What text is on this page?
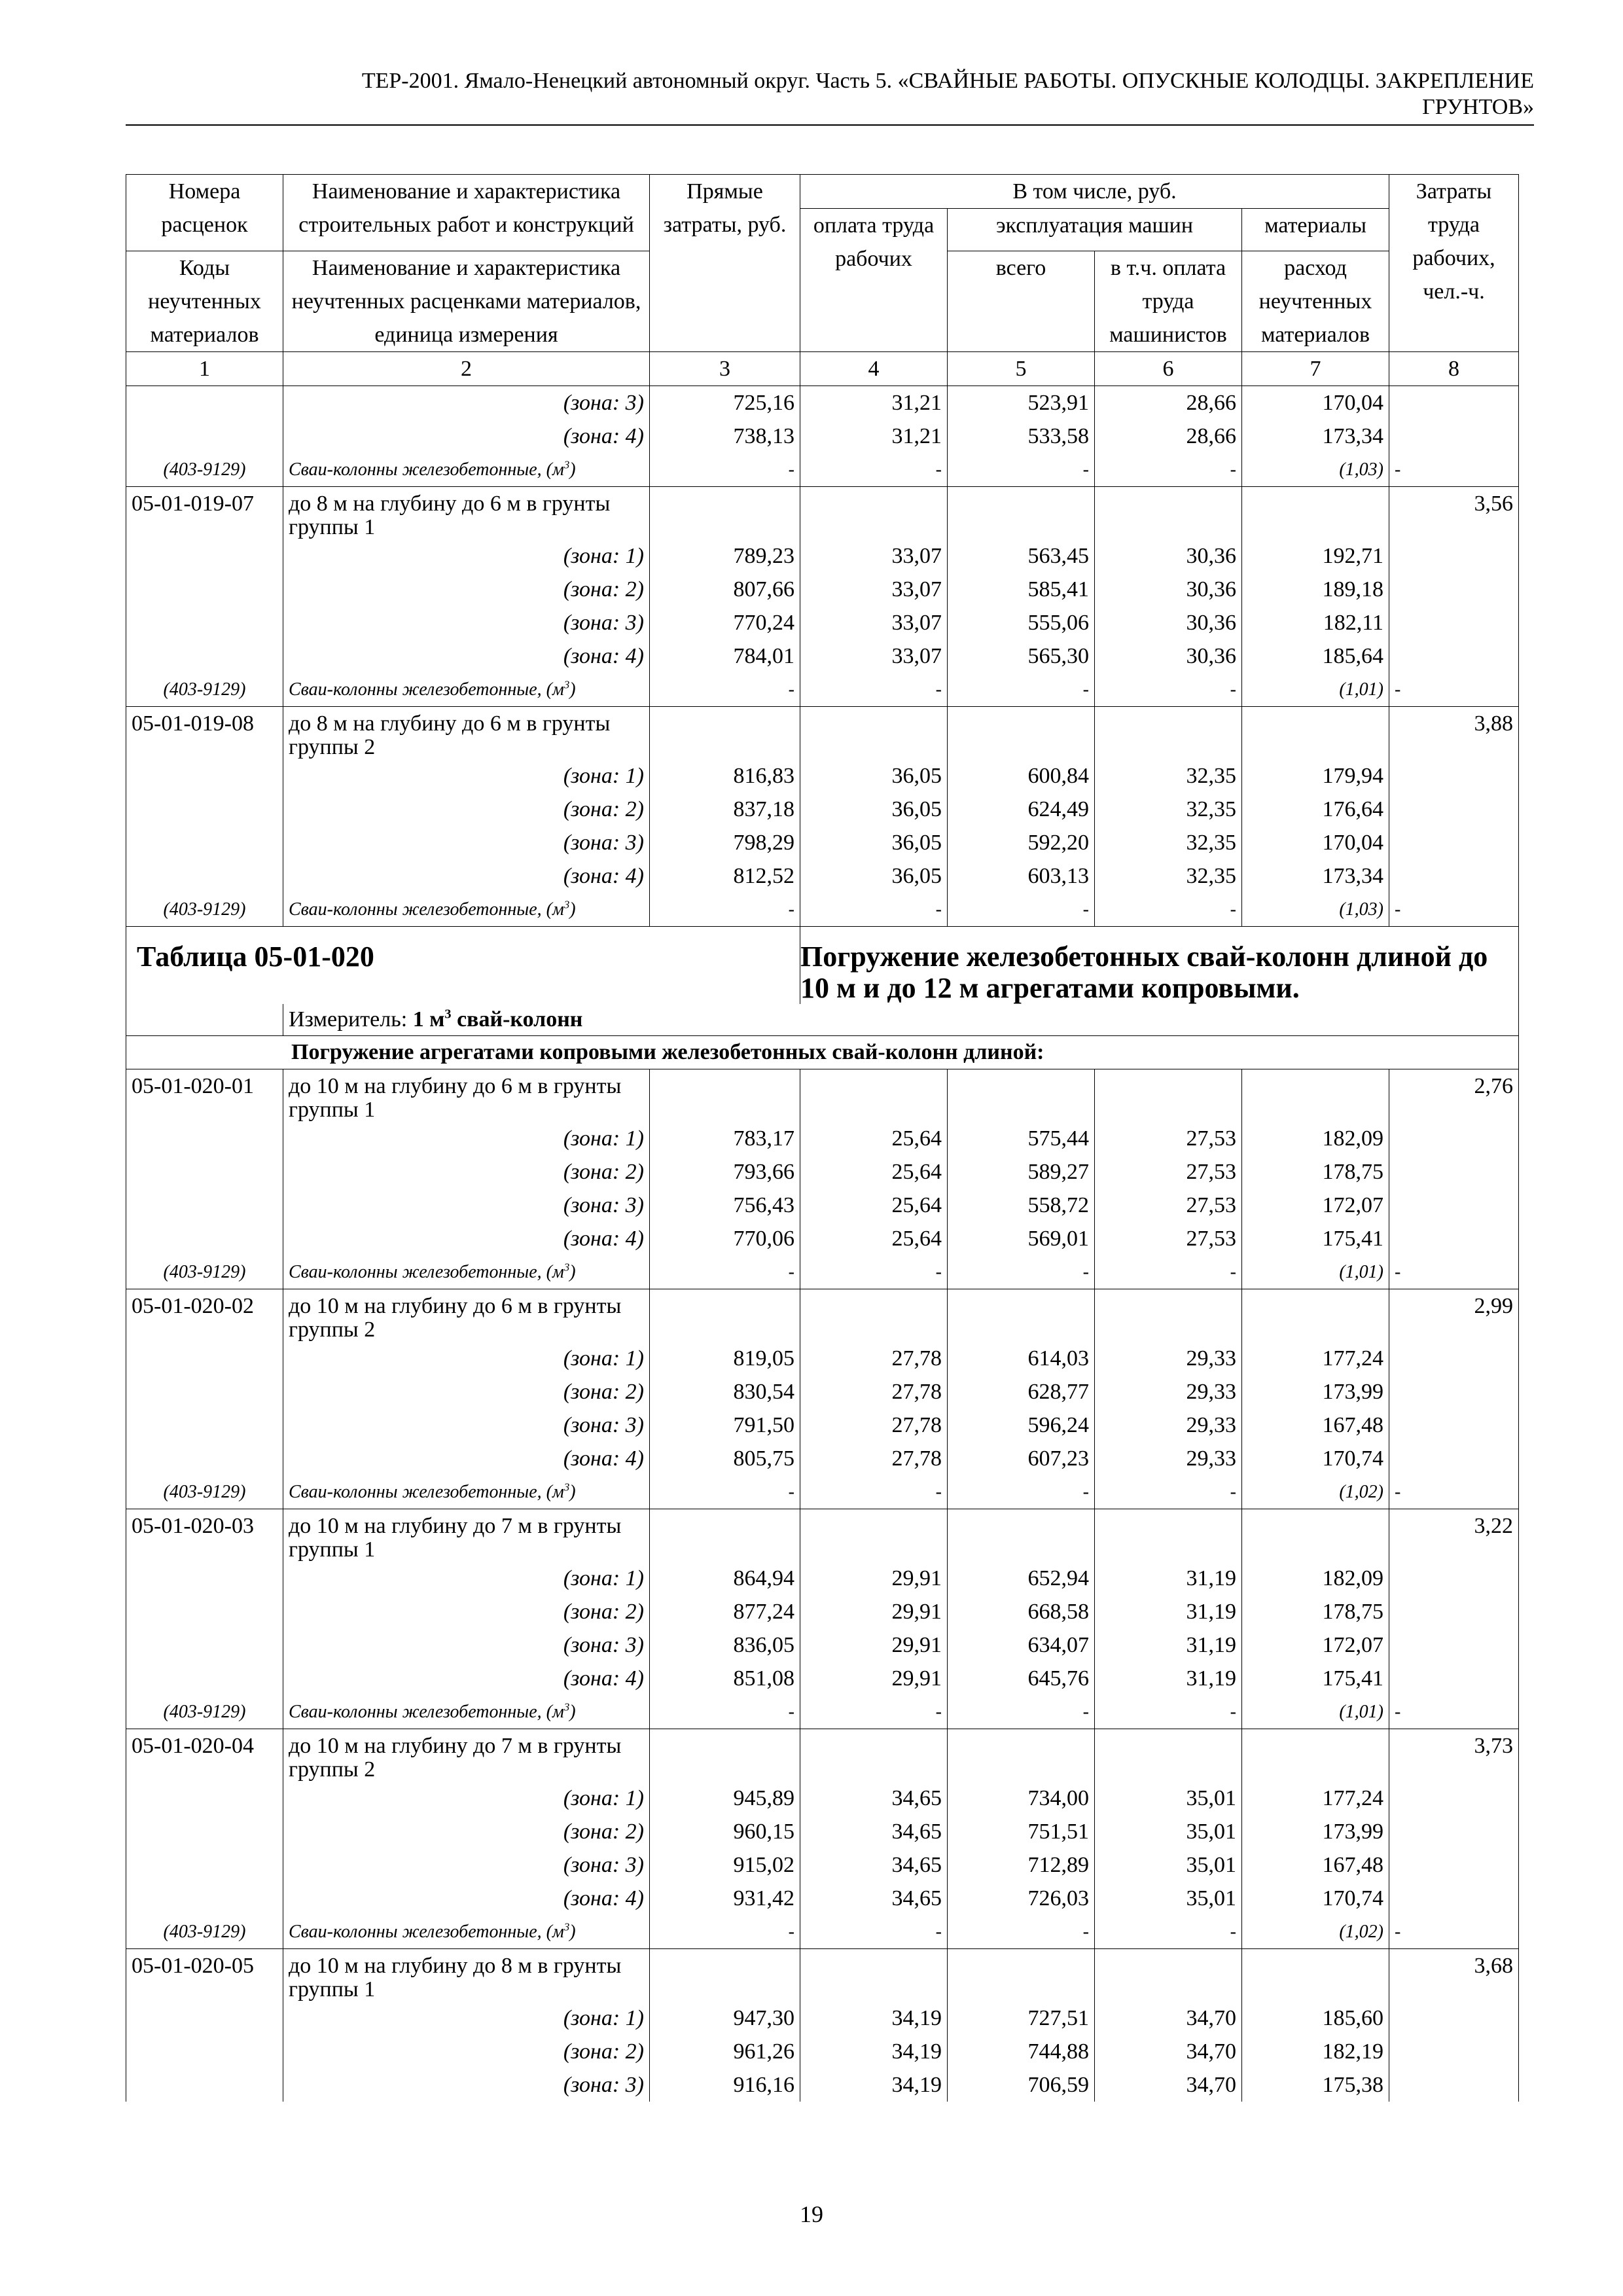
ТЕР-2001. Ямало-Ненецкий автономный округ. Часть 5. «СВАЙНЫЕ РАБОТЫ. ОПУСКНЫЕ КОЛОДЦЫ. ЗАКРЕПЛЕНИЕ
ГРУНТОВ»
Номера расценок	Наименование и характеристика строительных работ и конструкций	Прямые затраты, руб.	В том числе, руб.				Затраты труда рабочих, чел.-ч.
			оплата труда рабочих	эксплуатация машин		материалы	
Коды неучтенных материалов	Наименование и характеристика неучтенных расценками материалов, единица измерения			всего	в т.ч. оплата труда машинистов	расход неучтенных материалов	
1	2	3	4	5	6	7	8
	(зона: 3)	725,16	31,21	523,91	28,66	170,04	
	(зона: 4)	738,13	31,21	533,58	28,66	173,34	
(403-9129)	Сваи-колонны железобетонные, $(м^3)$	-	-	-	-	(1,03)	-
05-01-019-07	до 8 м на глубину до 6 м в грунты группы 1						3,56
	(зона: 1)	789,23	33,07	563,45	30,36	192,71	
	(зона: 2)	807,66	33,07	585,41	30,36	189,18	
	(зона: 3)	770,24	33,07	555,06	30,36	182,11	
	(зона: 4)	784,01	33,07	565,30	30,36	185,64	
(403-9129)	Сваи-колонны железобетонные, $(м^3)$	-	-	-	-	(1,01)	-
05-01-019-08	до 8 м на глубину до 6 м в грунты группы 2						3,88
	(зона: 1)	816,83	36,05	600,84	32,35	179,94	
	(зона: 2)	837,18	36,05	624,49	32,35	176,64	
	(зона: 3)	798,29	36,05	592,20	32,35	170,04	
	(зона: 4)	812,52	36,05	603,13	32,35	173,34	
(403-9129)	Сваи-колонны железобетонные, $(м^3)$	-	-	-	-	(1,03)	-
Таблица 05-01-020			Погружение железобетонных свай-колонн длиной до 10 м и до 12 м агрегатами копровыми.				
	Измеритель: 1 $м^3$ свай-колонн						
Погружение агрегатами копровыми железобетонных свай-колонн длиной:							
05-01-020-01	до 10 м на глубину до 6 м в грунты группы 1						2,76
	(зона: 1)	783,17	25,64	575,44	27,53	182,09	
	(зона: 2)	793,66	25,64	589,27	27,53	178,75	
	(зона: 3)	756,43	25,64	558,72	27,53	172,07	
	(зона: 4)	770,06	25,64	569,01	27,53	175,41	
(403-9129)	Сваи-колонны железобетонные, $(м^3)$	-	-	-	-	(1,01)	-
05-01-020-02	до 10 м на глубину до 6 м в грунты группы 2						2,99
	(зона: 1)	819,05	27,78	614,03	29,33	177,24	
	(зона: 2)	830,54	27,78	628,77	29,33	173,99	
	(зона: 3)	791,50	27,78	596,24	29,33	167,48	
	(зона: 4)	805,75	27,78	607,23	29,33	170,74	
(403-9129)	Сваи-колонны железобетонные, $(м^3)$	-	-	-	-	(1,02)	-
05-01-020-03	до 10 м на глубину до 7 м в грунты группы 1						3,22
	(зона: 1)	864,94	29,91	652,94	31,19	182,09	
	(зона: 2)	877,24	29,91	668,58	31,19	178,75	
	(зона: 3)	836,05	29,91	634,07	31,19	172,07	
	(зона: 4)	851,08	29,91	645,76	31,19	175,41	
(403-9129)	Сваи-колонны железобетонные, $(м^3)$	-	-	-	-	(1,01)	-
05-01-020-04	до 10 м на глубину до 7 м в грунты группы 2						3,73
	(зона: 1)	945,89	34,65	734,00	35,01	177,24	
	(зона: 2)	960,15	34,65	751,51	35,01	173,99	
	(зона: 3)	915,02	34,65	712,89	35,01	167,48	
	(зона: 4)	931,42	34,65	726,03	35,01	170,74	
(403-9129)	Сваи-колонны железобетонные, $(м^3)$	-	-	-	-	(1,02)	-
05-01-020-05	до 10 м на глубину до 8 м в грунты группы 1						3,68
	(зона: 1)	947,30	34,19	727,51	34,70	185,60	
	(зона: 2)	961,26	34,19	744,88	34,70	182,19	
	(зона: 3)	916,16	34,19	706,59	34,70	175,38	
19
